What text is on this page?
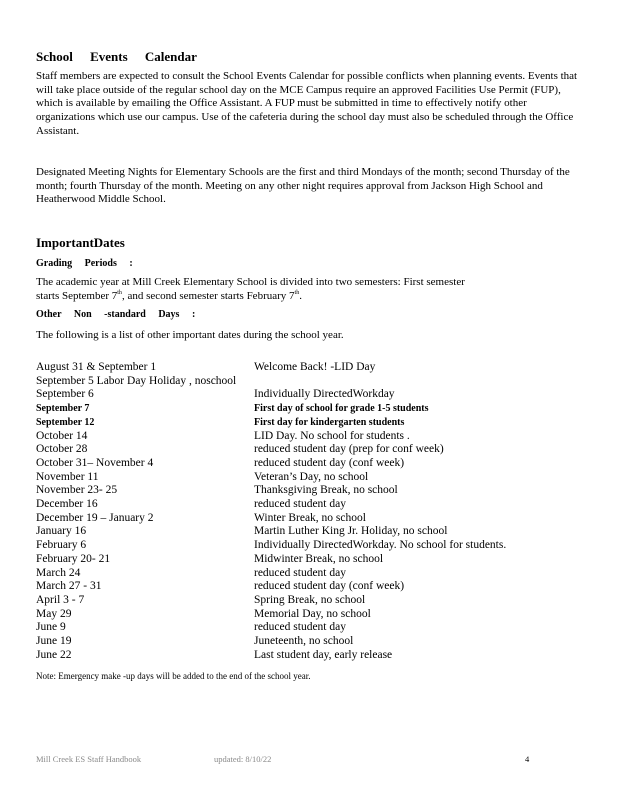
School Events Calendar

Staff members are expected to consult the School Events Calendar for possible conflicts when planning events. Events that will take place outside of the regular school day on the MCE Campus require an approved Facilities Use Permit (FUP), which is available by emailing the Office Assistant. A FUP must be submitted in time to effectively notify other organizations which use our campus. Use of the cafeteria during the school day must also be scheduled through the Office Assistant.

Designated Meeting Nights for Elementary Schools are the first and third Mondays of the month; second Thursday of the month; fourth Thursday of the month. Meeting on any other night requires approval from Jackson High School and Heatherwood Middle School.

ImportantDates

Grading Periods :

The academic year at Mill Creek Elementary School is divided into two semesters: First semester

starts September 7th, and second semester starts February 7th.

Other Non -standard Days :

The following is a list of other important dates during the school year.

August 31 & September 1	Welcome Back! -LID Day
September 5 Labor Day Holiday , noschool	
September 6	Individually DirectedWorkday
September 7	First day of school for grade 1-5 students
September 12	First day for kindergarten students
October 14	LID Day. No school for students .
October 28	reduced student day (prep for conf week)
October 31– November 4	reduced student day (conf week)
November 11	Veteran’s Day, no school
November 23- 25	Thanksgiving Break, no school
December 16	reduced student day
December 19 – January 2	Winter Break, no school
January 16	Martin Luther King Jr. Holiday, no school
February 6	Individually DirectedWorkday. No school for students.
February 20- 21	Midwinter Break, no school
March 24	reduced student day
March 27 - 31	reduced student day (conf week)
April 3 - 7	Spring Break, no school
May 29	Memorial Day, no school
June 9	reduced student day
June 19	Juneteenth, no school
June 22	Last student day, early release

Note: Emergency make -up days will be added to the end of the school year.

Mill Creek ES Staff Handbook	updated: 8/10/22	4
